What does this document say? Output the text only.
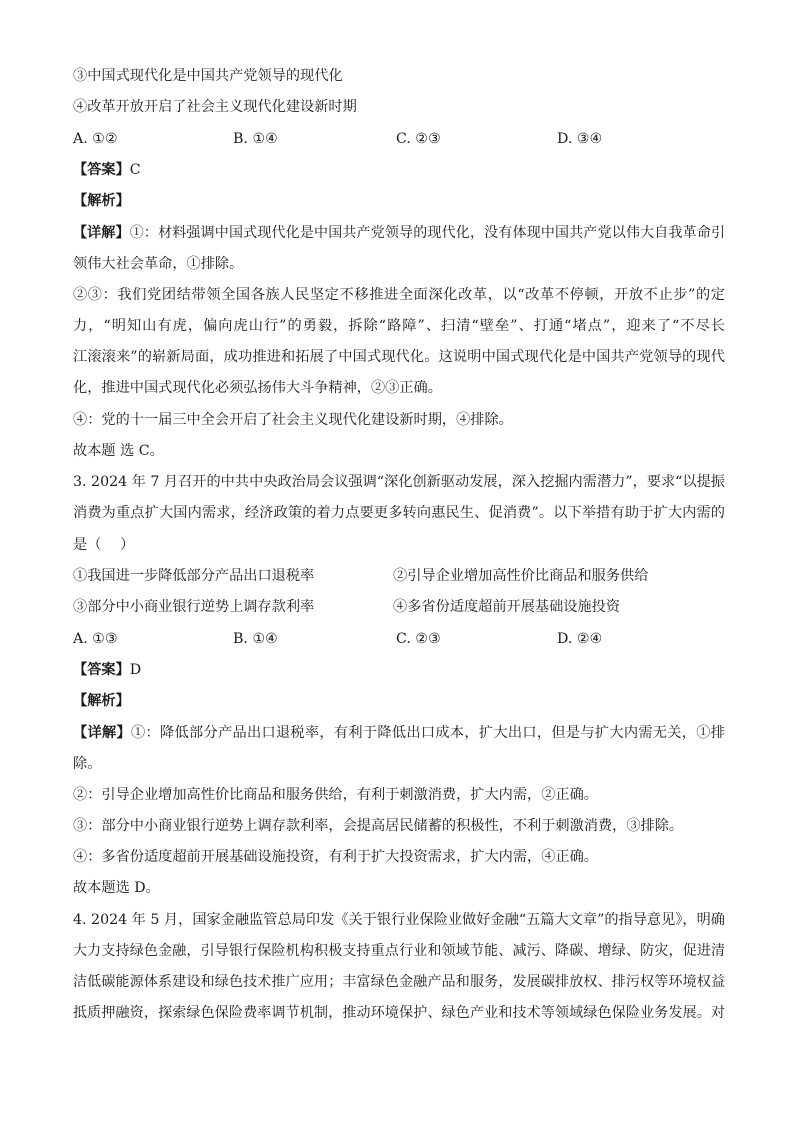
③中国式现代化是中国共产党领导的现代化
④改革开放开启了社会主义现代化建设新时期
A. ①②	B. ①④	C. ②③	D. ③④
【答案】C
【解析】
【详解】①：材料强调中国式现代化是中国共产党领导的现代化，没有体现中国共产党以伟大自我革命引
领伟大社会革命，①排除。
②③：我们党团结带领全国各族人民坚定不移推进全面深化改革，以“改革不停顿，开放不止步”的定
力，“明知山有虎，偏向虎山行”的勇毅，拆除“路障”、扫清“壁垒”、打通“堵点”，迎来了“不尽长
江滚滚来”的崭新局面，成功推进和拓展了中国式现代化。这说明中国式现代化是中国共产党领导的现代
化，推进中国式现代化必须弘扬伟大斗争精神，②③正确。
④：党的十一届三中全会开启了社会主义现代化建设新时期，④排除。
故本题 选 C。
3. 2024 年 7 月召开的中共中央政治局会议强调“深化创新驱动发展，深入挖掘内需潜力”，要求“以提振
消费为重点扩大国内需求，经济政策的着力点要更多转向惠民生、促消费”。以下举措有助于扩大内需的
是（　 ）
①我国进一步降低部分产品出口退税率	②引导企业增加高性价比商品和服务供给
③部分中小商业银行逆势上调存款利率	④多省份适度超前开展基础设施投资
A. ①③	B. ①④	C. ②③	D. ②④
【答案】D
【解析】
【详解】①：降低部分产品出口退税率，有利于降低出口成本，扩大出口，但是与扩大内需无关，①排
除。
②：引导企业增加高性价比商品和服务供给，有利于刺激消费，扩大内需，②正确。
③：部分中小商业银行逆势上调存款利率，会提高居民储蓄的积极性，不利于刺激消费，③排除。
④：多省份适度超前开展基础设施投资，有利于扩大投资需求，扩大内需，④正确。
故本题选 D。
4. 2024 年 5 月，国家金融监管总局印发《关于银行业保险业做好金融“五篇大文章”的指导意见》，明确
大力支持绿色金融，引导银行保险机构积极支持重点行业和领域节能、减污、降碳、增绿、防灾，促进清
洁低碳能源体系建设和绿色技术推广应用；丰富绿色金融产品和服务，发展碳排放权、排污权等环境权益
抵质押融资，探索绿色保险费率调节机制，推动环境保护、绿色产业和技术等领域绿色保险业务发展。对
